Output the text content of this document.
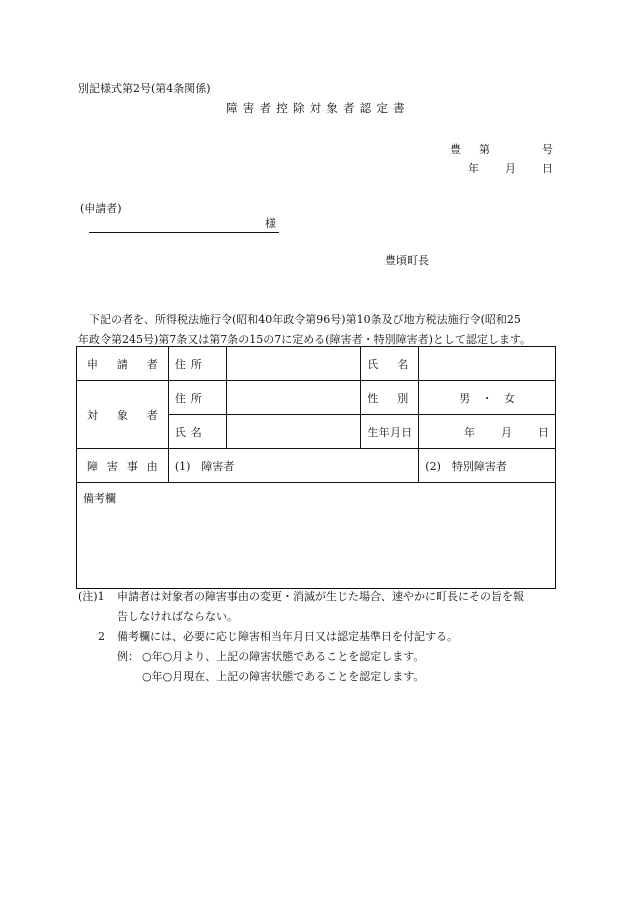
別記様式第2号(第4条関係)
障害者控除対象者認定書
豊 第	号
年 月 日
(申請者)
様
豊頃町長

下記の者を、所得税法施行令(昭和40年政令第96号)第10条及び地方税法施行令(昭和25

年政令第245号)第7条又は第7条の15の7に定める(障害者・特別障害者)として認定します。

申請者	住所		氏名	

対象者	住所		性別	男 ・ 女

	氏名		生年月日	年 月 日

障害事由	(1)　障害者			(2)　特別障害者
備考欄				
(注)1	申請者は対象者の障害事由の変更・消滅が生じた場合、速やかに町長にその旨を報
告しなければならない。
2	備考欄には、必要に応じ障害相当年月日又は認定基準日を付記する。
例： ○年○月より、上記の障害状態であることを認定します。
○年○月現在、上記の障害状態であることを認定します。
